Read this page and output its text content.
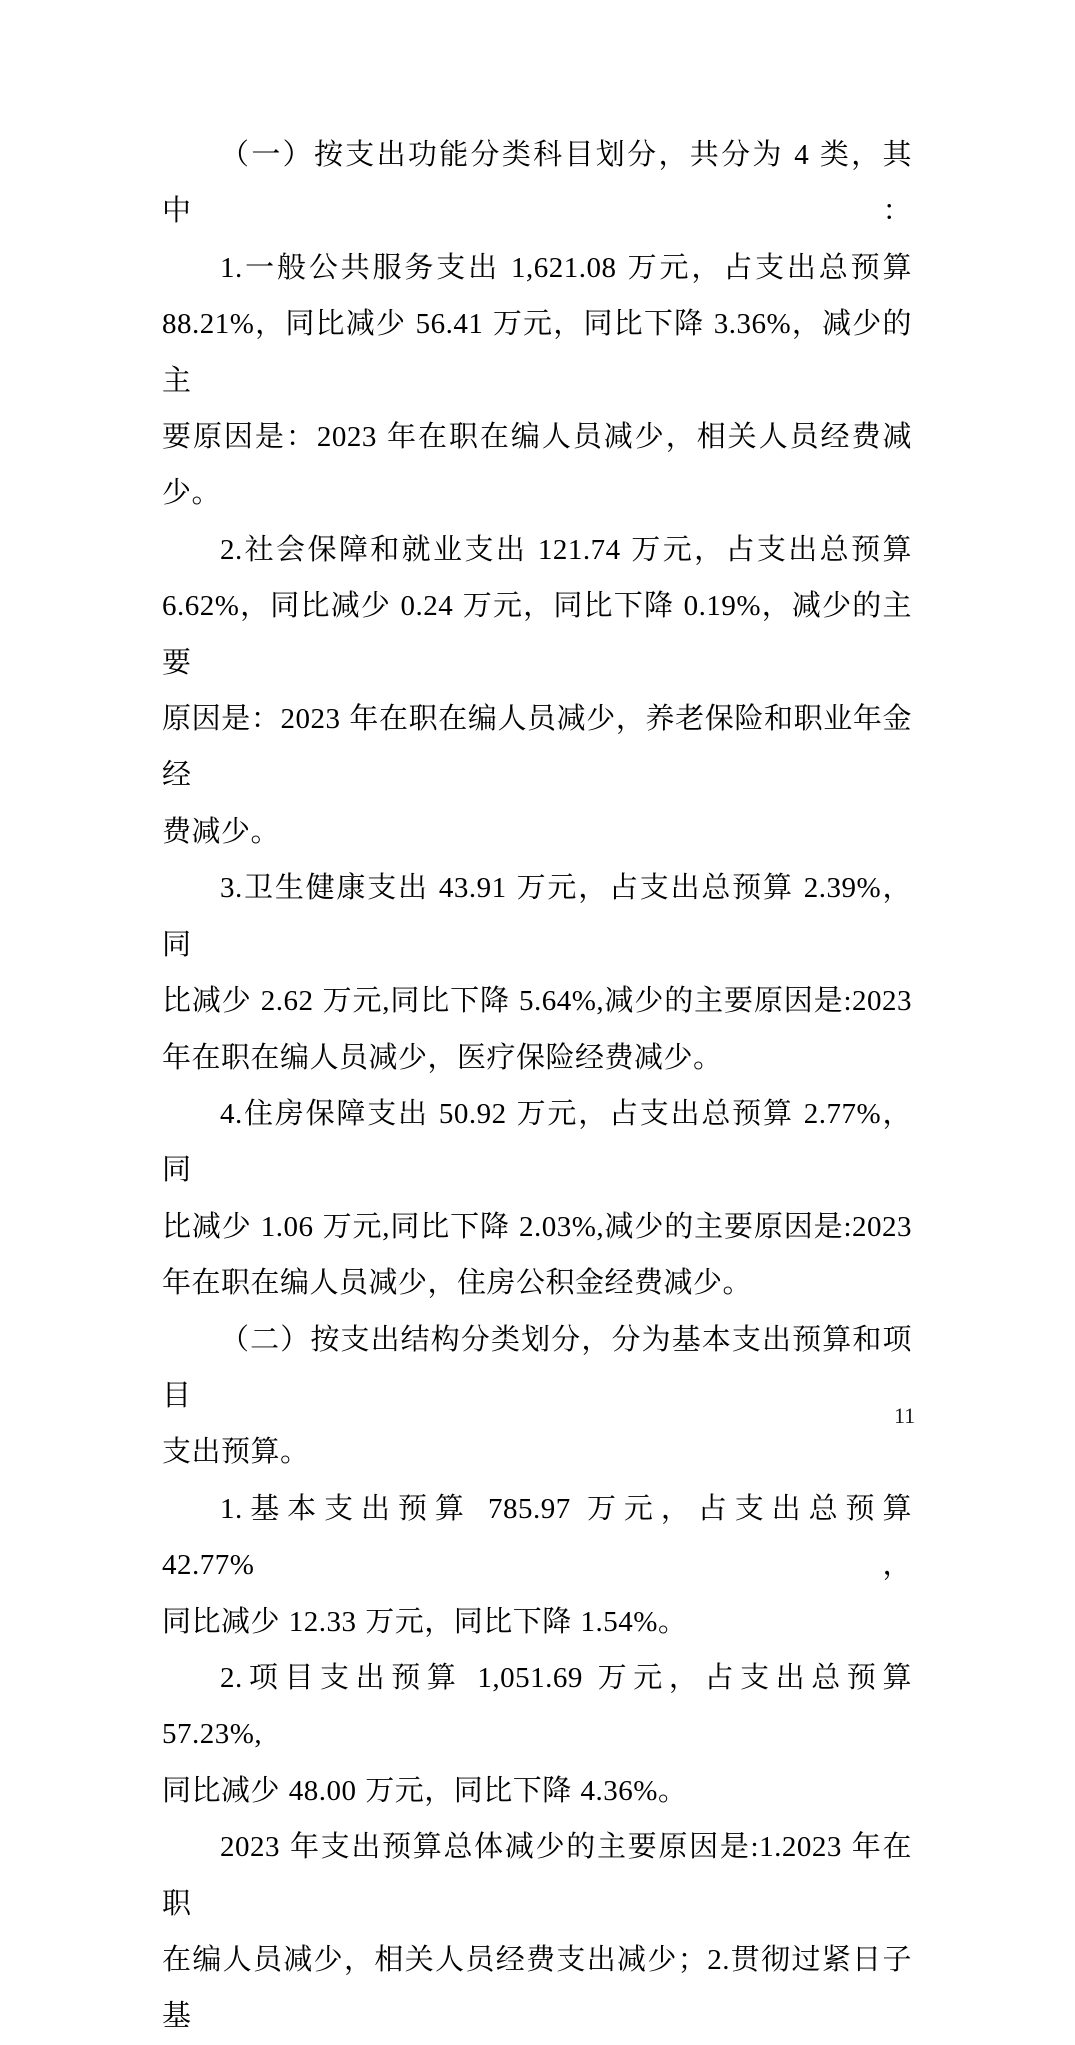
（一）按支出功能分类科目划分，共分为 4 类，其中：
1.一般公共服务支出 1,621.08 万元，占支出总预算
88.21%，同比减少 56.41 万元，同比下降 3.36%，减少的主
要原因是：2023 年在职在编人员减少，相关人员经费减少。
2.社会保障和就业支出 121.74 万元，占支出总预算
6.62%，同比减少 0.24 万元，同比下降 0.19%，减少的主要
原因是：2023 年在职在编人员减少，养老保险和职业年金经
费减少。
3.卫生健康支出 43.91 万元，占支出总预算 2.39%，同
比减少 2.62 万元,同比下降 5.64%,减少的主要原因是:2023
年在职在编人员减少，医疗保险经费减少。
4.住房保障支出 50.92 万元，占支出总预算 2.77%，同
比减少 1.06 万元,同比下降 2.03%,减少的主要原因是:2023
年在职在编人员减少，住房公积金经费减少。
（二）按支出结构分类划分，分为基本支出预算和项目
支出预算。
1.基本支出预算 785.97 万元，占支出总预算 42.77%，
同比减少 12.33 万元，同比下降 1.54%。
2.项目支出预算 1,051.69 万元，占支出总预算 57.23%,
同比减少 48.00 万元，同比下降 4.36%。
2023 年支出预算总体减少的主要原因是:1.2023 年在职
在编人员减少，相关人员经费支出减少；2.贯彻过紧日子基
11
